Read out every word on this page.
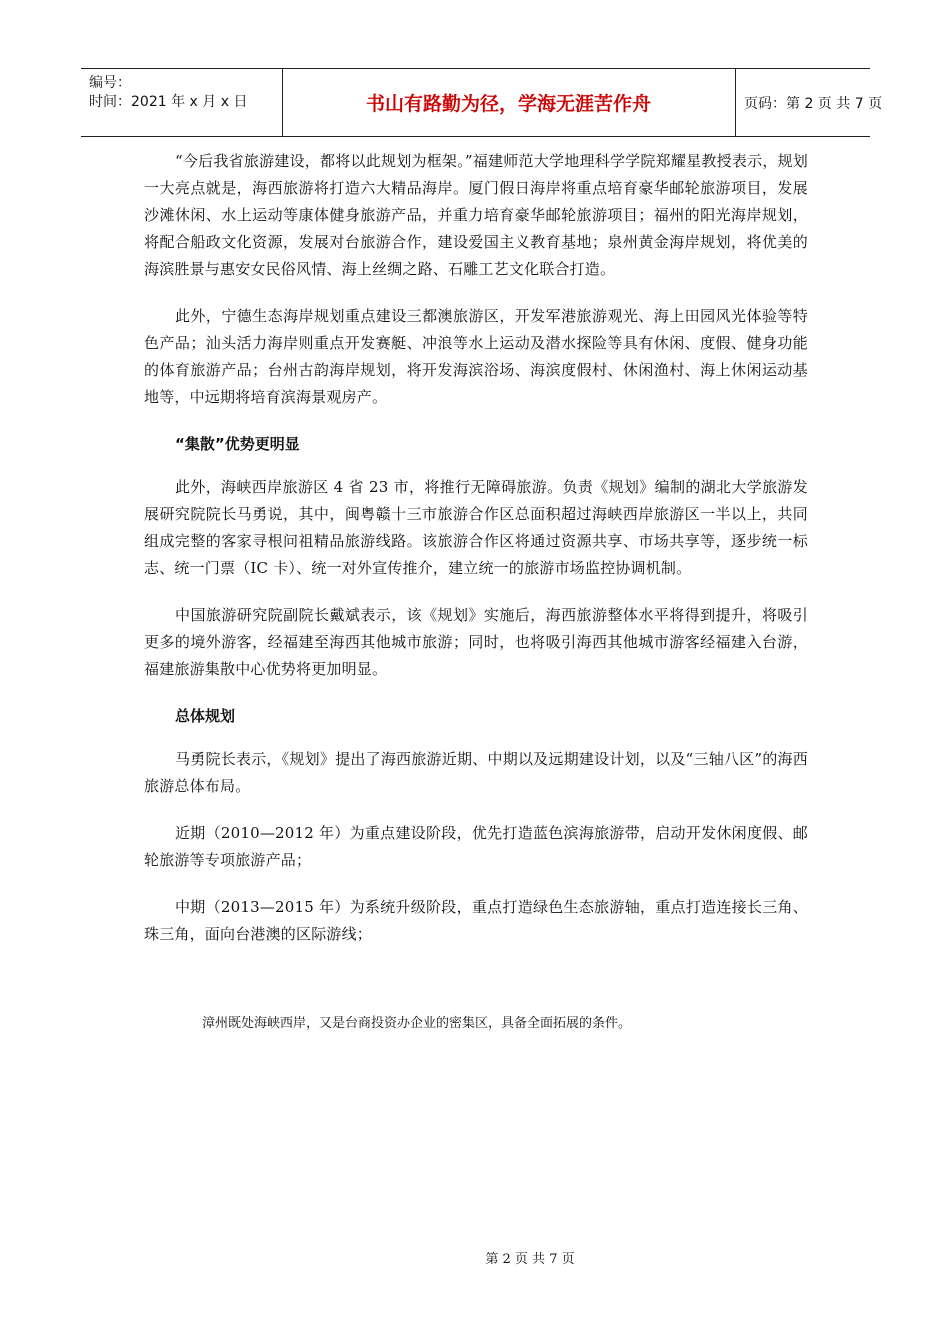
编号：
时间：2021 年 x 月 x 日	书山有路勤为径，学海无涯苦作舟	页码：第 2 页 共 7 页

“今后我省旅游建设，都将以此规划为框架。”福建师范大学地理科学学院郑耀星教授表示，规划一大亮点就是，海西旅游将打造六大精品海岸。厦门假日海岸将重点培育豪华邮轮旅游项目，发展沙滩休闲、水上运动等康体健身旅游产品，并重力培育豪华邮轮旅游项目；福州的阳光海岸规划，将配合船政文化资源，发展对台旅游合作，建设爱国主义教育基地；泉州黄金海岸规划，将优美的海滨胜景与惠安女民俗风情、海上丝绸之路、石雕工艺文化联合打造。

此外，宁德生态海岸规划重点建设三都澳旅游区，开发军港旅游观光、海上田园风光体验等特色产品；汕头活力海岸则重点开发赛艇、冲浪等水上运动及潜水探险等具有休闲、度假、健身功能的体育旅游产品；台州古韵海岸规划，将开发海滨浴场、海滨度假村、休闲渔村、海上休闲运动基地等，中远期将培育滨海景观房产。

“集散”优势更明显

此外，海峡西岸旅游区 4 省 23 市，将推行无障碍旅游。负责《规划》编制的湖北大学旅游发展研究院院长马勇说，其中，闽粤赣十三市旅游合作区总面积超过海峡西岸旅游区一半以上，共同组成完整的客家寻根问祖精品旅游线路。该旅游合作区将通过资源共享、市场共享等，逐步统一标志、统一门票（IC 卡）、统一对外宣传推介，建立统一的旅游市场监控协调机制。

中国旅游研究院副院长戴斌表示，该《规划》实施后，海西旅游整体水平将得到提升，将吸引更多的境外游客，经福建至海西其他城市旅游；同时，也将吸引海西其他城市游客经福建入台游，福建旅游集散中心优势将更加明显。

总体规划

马勇院长表示，《规划》提出了海西旅游近期、中期以及远期建设计划，以及“三轴八区”的海西旅游总体布局。

近期（2010—2012 年）为重点建设阶段，优先打造蓝色滨海旅游带，启动开发休闲度假、邮轮旅游等专项旅游产品；

中期（2013—2015 年）为系统升级阶段，重点打造绿色生态旅游轴，重点打造连接长三角、珠三角，面向台港澳的区际游线；

漳州既处海峡西岸，又是台商投资办企业的密集区，具备全面拓展的条件。
第 2 页 共 7 页
